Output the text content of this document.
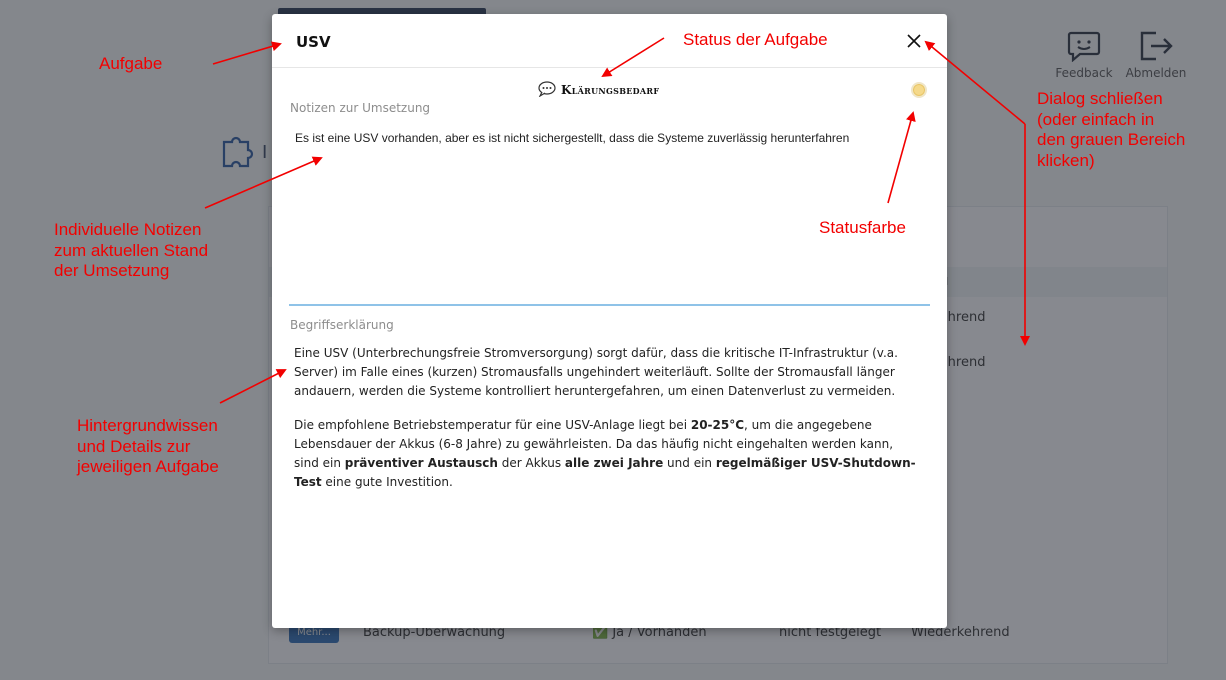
USV
Klärungsbedarf
Notizen zur Umsetzung
Es ist eine USV vorhanden, aber es ist nicht sichergestellt, dass die Systeme zuverlässig herunterfahren
Begriffserklärung

Eine USV (Unterbrechungsfreie Stromversorgung) sorgt dafür, dass die kritische IT-Infrastruktur (v.a. Server) im Falle eines (kurzen) Stromausfalls ungehindert weiterläuft. Sollte der Stromausfall länger andauern, werden die Systeme kontrolliert heruntergefahren, um einen Datenverlust zu vermeiden.

Die empfohlene Betriebstemperatur für eine USV-Anlage liegt bei 20-25°C, um die angegebene Lebensdauer der Akkus (6-8 Jahre) zu gewährleisten. Da das häufig nicht eingehalten werden kann, sind ein präventiver Austausch der Akkus alle zwei Jahre und ein regelmäßiger USV-Shutdown-Test eine gute Investition.

Aufgabe
Status der Aufgabe
Dialog schließen
(oder einfach in
den grauen Bereich
klicken)
Statusfarbe
Individuelle Notizen
zum aktuellen Stand
der Umsetzung
Hintergrundwissen
und Details zur
jeweiligen Aufgabe
